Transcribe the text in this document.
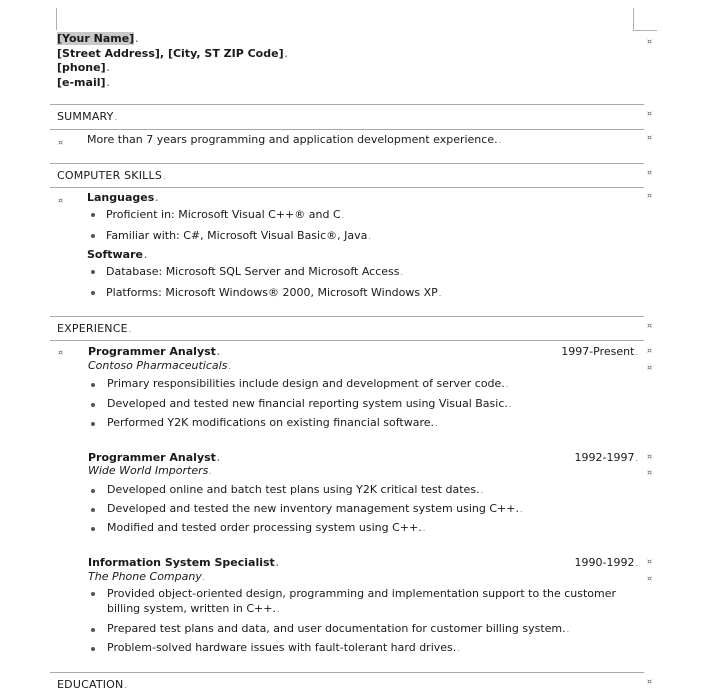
[Your Name].
[Street Address], [City, ST ZIP Code].
[phone].
[e-mail].
¤
SUMMARY.	¤
¤ More than 7 years programming and application development experience..	¤
COMPUTER SKILLS.	¤
¤
¤
Languages.
Proficient in: Microsoft Visual C++® and C.
Familiar with: C#, Microsoft Visual Basic®, Java.
Software.
Database: Microsoft SQL Server and Microsoft Access.
Platforms: Microsoft Windows® 2000, Microsoft Windows XP.
EXPERIENCE.	¤
¤ Programmer Analyst.	1997-Present. ¤
Contoso Pharmaceuticals.	¤
Primary responsibilities include design and development of server code..
Developed and tested new financial reporting system using Visual Basic..
Performed Y2K modifications on existing financial software..
Programmer Analyst.	1992-1997. ¤
Wide World Importers.	¤
Developed online and batch test plans using Y2K critical test dates..
Developed and tested the new inventory management system using C++..
Modified and tested order processing system using C++..
Information System Specialist.	1990-1992. ¤
The Phone Company.	¤
Provided object-oriented design, programming and implementation support to the customer billing system, written in C++..
Prepared test plans and data, and user documentation for customer billing system..
Problem-solved hardware issues with fault-tolerant hard drives..
EDUCATION.	¤
